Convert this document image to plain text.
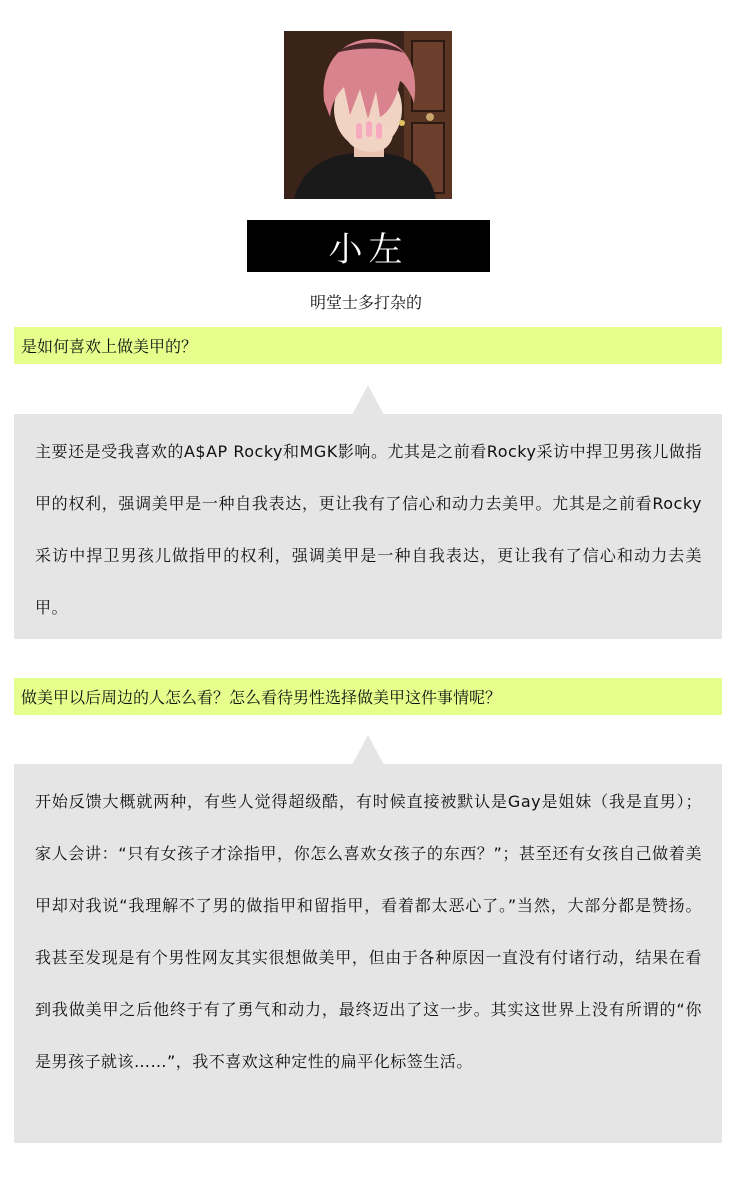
小左
明堂士多打杂的
是如何喜欢上做美甲的？

主要还是受我喜欢的A$AP Rocky和MGK影响。尤其是之前看Rocky采访中捍卫男孩儿做指甲的权利，强调美甲是一种自我表达，更让我有了信心和动力去美甲。尤其是之前看Rocky采访中捍卫男孩儿做指甲的权利，强调美甲是一种自我表达，更让我有了信心和动力去美甲。

做美甲以后周边的人怎么看？怎么看待男性选择做美甲这件事情呢？

开始反馈大概就两种，有些人觉得超级酷，有时候直接被默认是Gay是姐妹（我是直男）；家人会讲：“只有女孩子才涂指甲，你怎么喜欢女孩子的东西？”；甚至还有女孩自己做着美甲却对我说“我理解不了男的做指甲和留指甲，看着都太恶心了。”当然，大部分都是赞扬。我甚至发现是有个男性网友其实很想做美甲，但由于各种原因一直没有付诸行动，结果在看到我做美甲之后他终于有了勇气和动力，最终迈出了这一步。其实这世界上没有所谓的“你是男孩子就该……”，我不喜欢这种定性的扁平化标签生活。
